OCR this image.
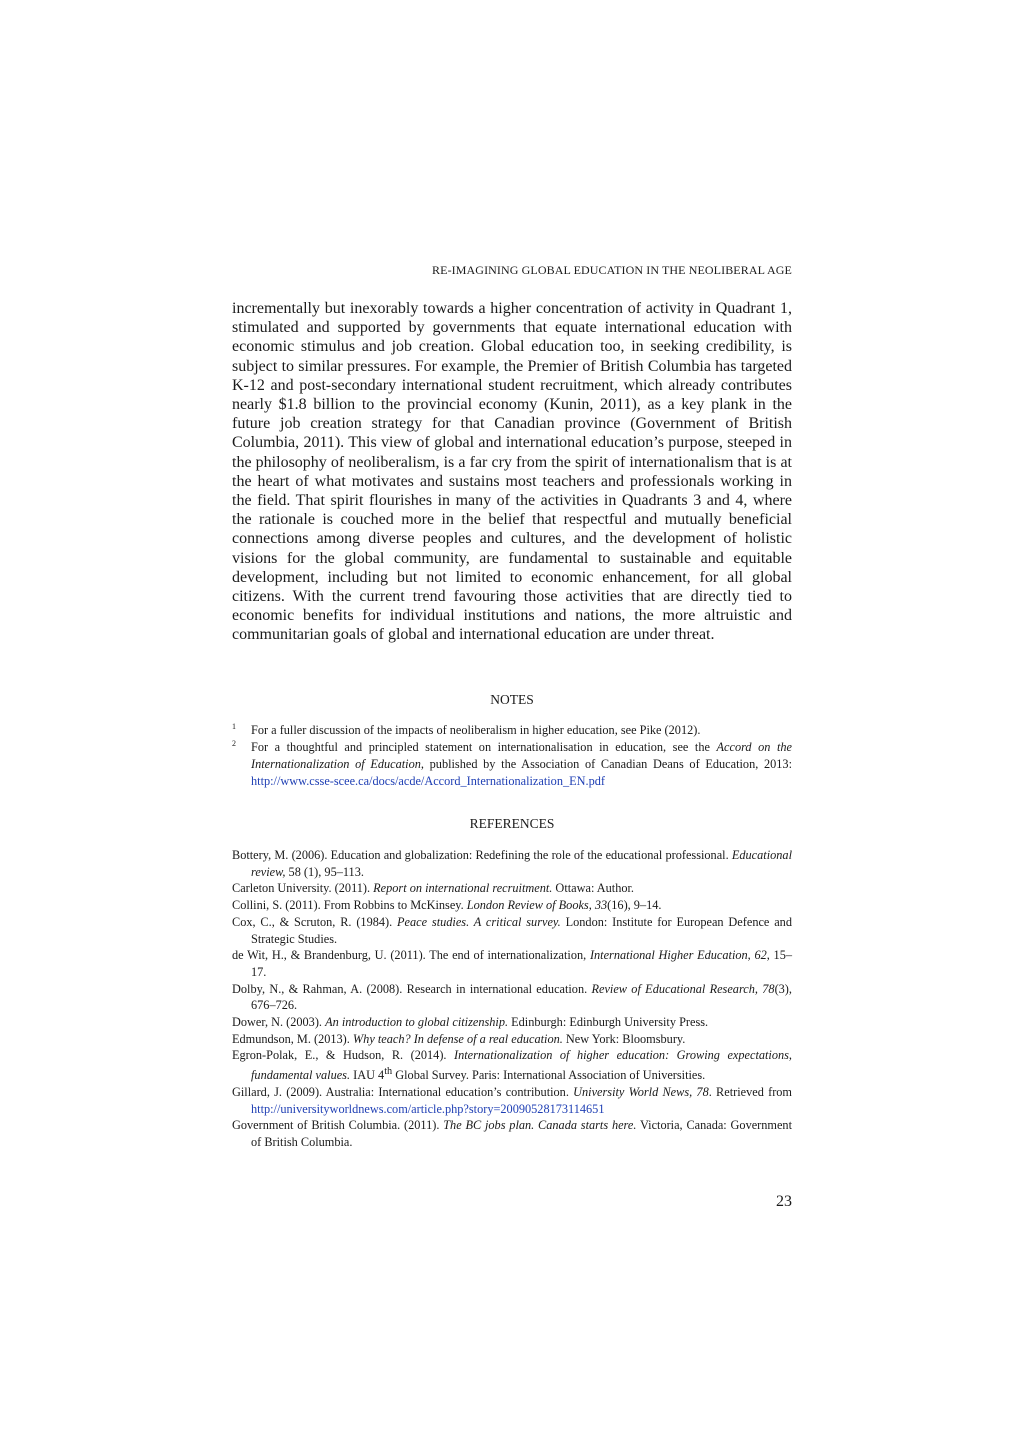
RE-IMAGINING GLOBAL EDUCATION IN THE NEOLIBERAL AGE

incrementally but inexorably towards a higher concentration of activity in Quadrant 1, stimulated and supported by governments that equate international education with economic stimulus and job creation. Global education too, in seeking credibility, is subject to similar pressures. For example, the Premier of British Columbia has targeted K-12 and post-secondary international student recruitment, which already contributes nearly $1.8 billion to the provincial economy (Kunin, 2011), as a key plank in the future job creation strategy for that Canadian province (Government of British Columbia, 2011). This view of global and international education’s purpose, steeped in the philosophy of neoliberalism, is a far cry from the spirit of internationalism that is at the heart of what motivates and sustains most teachers and professionals working in the field. That spirit flourishes in many of the activities in Quadrants 3 and 4, where the rationale is couched more in the belief that respectful and mutually beneficial connections among diverse peoples and cultures, and the development of holistic visions for the global community, are fundamental to sustainable and equitable development, including but not limited to economic enhancement, for all global citizens. With the current trend favouring those activities that are directly tied to economic benefits for individual institutions and nations, the more altruistic and communitarian goals of global and international education are under threat.

NOTES
1 For a fuller discussion of the impacts of neoliberalism in higher education, see Pike (2012).
2 For a thoughtful and principled statement on internationalisation in education, see the Accord on the Internationalization of Education, published by the Association of Canadian Deans of Education, 2013: http://www.csse-scee.ca/docs/acde/Accord_Internationalization_EN.pdf
REFERENCES
Bottery, M. (2006). Education and globalization: Redefining the role of the educational professional. Educational review, 58 (1), 95–113.
Carleton University. (2011). Report on international recruitment. Ottawa: Author.
Collini, S. (2011). From Robbins to McKinsey. London Review of Books, 33(16), 9–14.
Cox, C., & Scruton, R. (1984). Peace studies. A critical survey. London: Institute for European Defence and Strategic Studies.
de Wit, H., & Brandenburg, U. (2011). The end of internationalization, International Higher Education, 62, 15–17.
Dolby, N., & Rahman, A. (2008). Research in international education. Review of Educational Research, 78(3), 676–726.
Dower, N. (2003). An introduction to global citizenship. Edinburgh: Edinburgh University Press.
Edmundson, M. (2013). Why teach? In defense of a real education. New York: Bloomsbury.
Egron-Polak, E., & Hudson, R. (2014). Internationalization of higher education: Growing expectations, fundamental values. IAU 4th Global Survey. Paris: International Association of Universities.
Gillard, J. (2009). Australia: International education’s contribution. University World News, 78. Retrieved from http://universityworldnews.com/article.php?story=20090528173114651
Government of British Columbia. (2011). The BC jobs plan. Canada starts here. Victoria, Canada: Government of British Columbia.
23
